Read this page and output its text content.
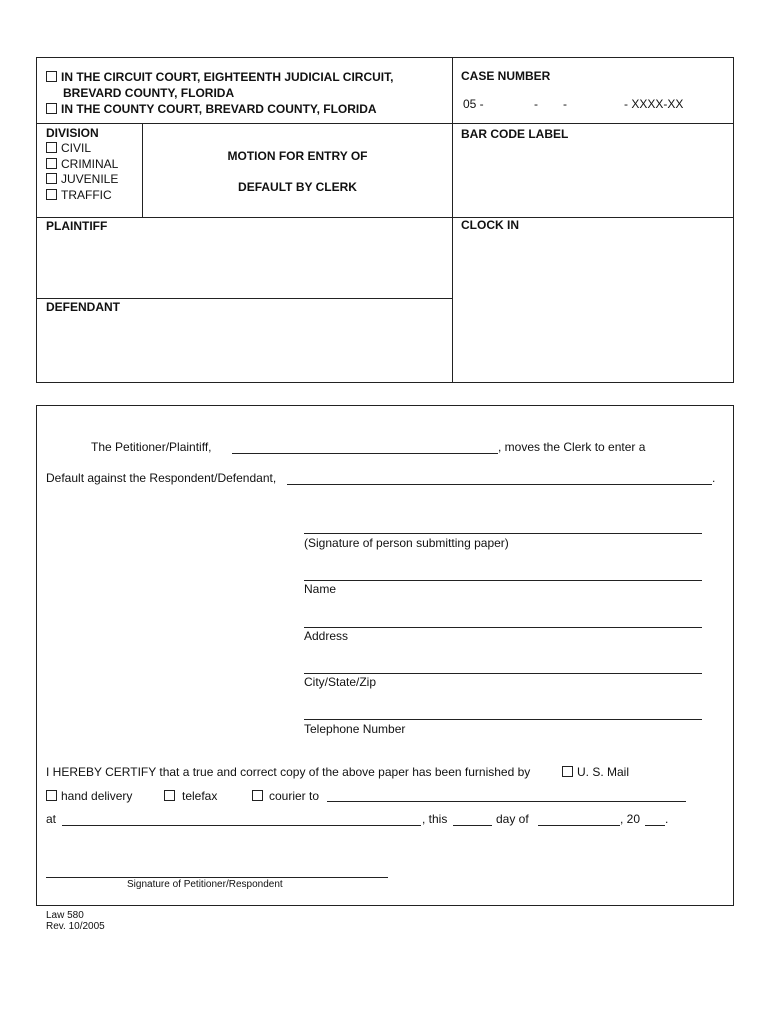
IN THE CIRCUIT COURT, EIGHTEENTH JUDICIAL CIRCUIT,
BREVARD COUNTY, FLORIDA
IN THE COUNTY COURT, BREVARD COUNTY, FLORIDA
CASE NUMBER
05 -	- -	- XXXX-XX
DIVISION
CIVIL
CRIMINAL
JUVENILE
TRAFFIC
MOTION FOR ENTRY OF
DEFAULT BY CLERK
BAR CODE LABEL
PLAINTIFF	CLOCK IN
DEFENDANT
The Petitioner/Plaintiff,	, moves the Clerk to enter a
Default against the Respondent/Defendant,	.
(Signature of person submitting paper)
Name
Address
City/State/Zip
Telephone Number
I HEREBY CERTIFY that a true and correct copy of the above paper has been furnished by	U. S. Mail
hand delivery	telefax	courier to
at	, this	day of	, 20 .
Signature of Petitioner/Respondent
Law 580
Rev. 10/2005
